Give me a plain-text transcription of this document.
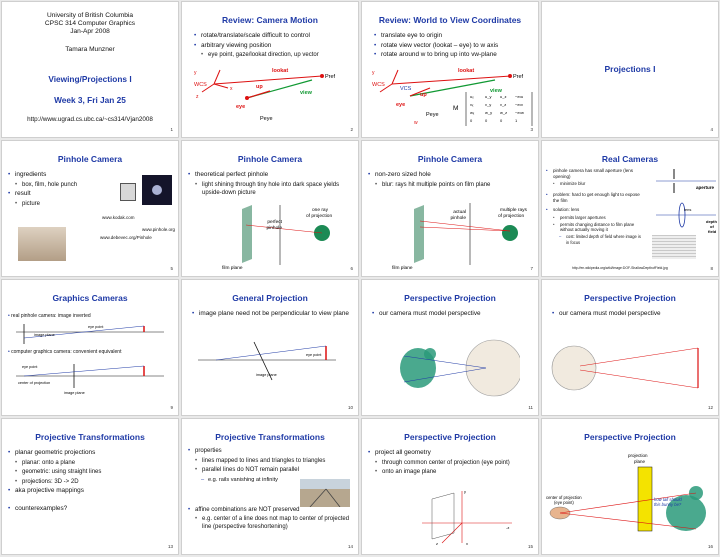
University of British Columbia
CPSC 314 Computer Graphics
Jan-Apr 2008
Tamara Munzner
Viewing/Projections I
Week 3, Fri Jan 25
http://www.ugrad.cs.ubc.ca/~cs314/Vjan2008
1
Review: Camera Motion
• rotate/translate/scale difficult to control
• arbitrary viewing position
• eye point, gaze/lookat direction, up vector
y
WCS
z
x
lookat
Pref
view
up
eye
Peye
2
Review: World to View Coordinates
• translate eye to origin
• rotate view vector (lookat – eye) to w axis
• rotate around w to bring up into vw-plane
y
WCS
VCS
lookat
Pref
view
up
eye
Peye
M
w
uₓ	u_y u_z −e•u
vₓ	v_y v_z −e•v
wₓ	w_y w_z −e•w
0	0	0	1
3
Projections I
4
Pinhole Camera
• ingredients
• box, film, hole punch
• result
• picture
www.kodak.com
www.pinhole.org
www.debevec.org/Pinhole
5
Pinhole Camera
• theoretical perfect pinhole
• light shining through tiny hole into dark space yields upside-down picture
one ray of projection
perfect pinhole
film plane	6
Pinhole Camera
• non-zero sized hole
• blur: rays hit multiple points on film plane
multiple rays of projection
actual pinhole
film plane	7
Real Cameras
• pinhole camera has small aperture (lens opening)
• minimize blur
• problem: hard to get enough light to expose the film
• solution: lens
• permits larger apertures
• permits changing distance to film plane without actually moving it
– cost: limited depth of field where image is in focus
aperture
lens
depth of field
http://en.wikipedia.org/wiki/Image:DOF-ShallowDepthofField.jpg	8
Graphics Cameras
• real pinhole camera: image inverted
image plane
eye point
• computer graphics camera: convenient equivalent
eye point
center of projection
image plane
9
General Projection
• image plane need not be perpendicular to view plane
eye point
image plane
10
Perspective Projection
• our camera must model perspective
11
Perspective Projection
• our camera must model perspective
12
Projective Transformations
• planar geometric projections
• planar: onto a plane
• geometric: using straight lines
• projections: 3D -> 2D
• aka projective mappings
• counterexamples?
13
Projective Transformations
• properties
• lines mapped to lines and triangles to triangles
• parallel lines do NOT remain parallel
– e.g. rails vanishing at infinity
• affine combinations are NOT preserved
• e.g. center of a line does not map to center of projected line (perspective foreshortening)
14
Perspective Projection
• project all geometry
• through common center of projection (eye point)
• onto an image plane
y
-z
z	x
15
Perspective Projection
projection plane
center of projection (eye point)
how tall should this bunny be?
16
